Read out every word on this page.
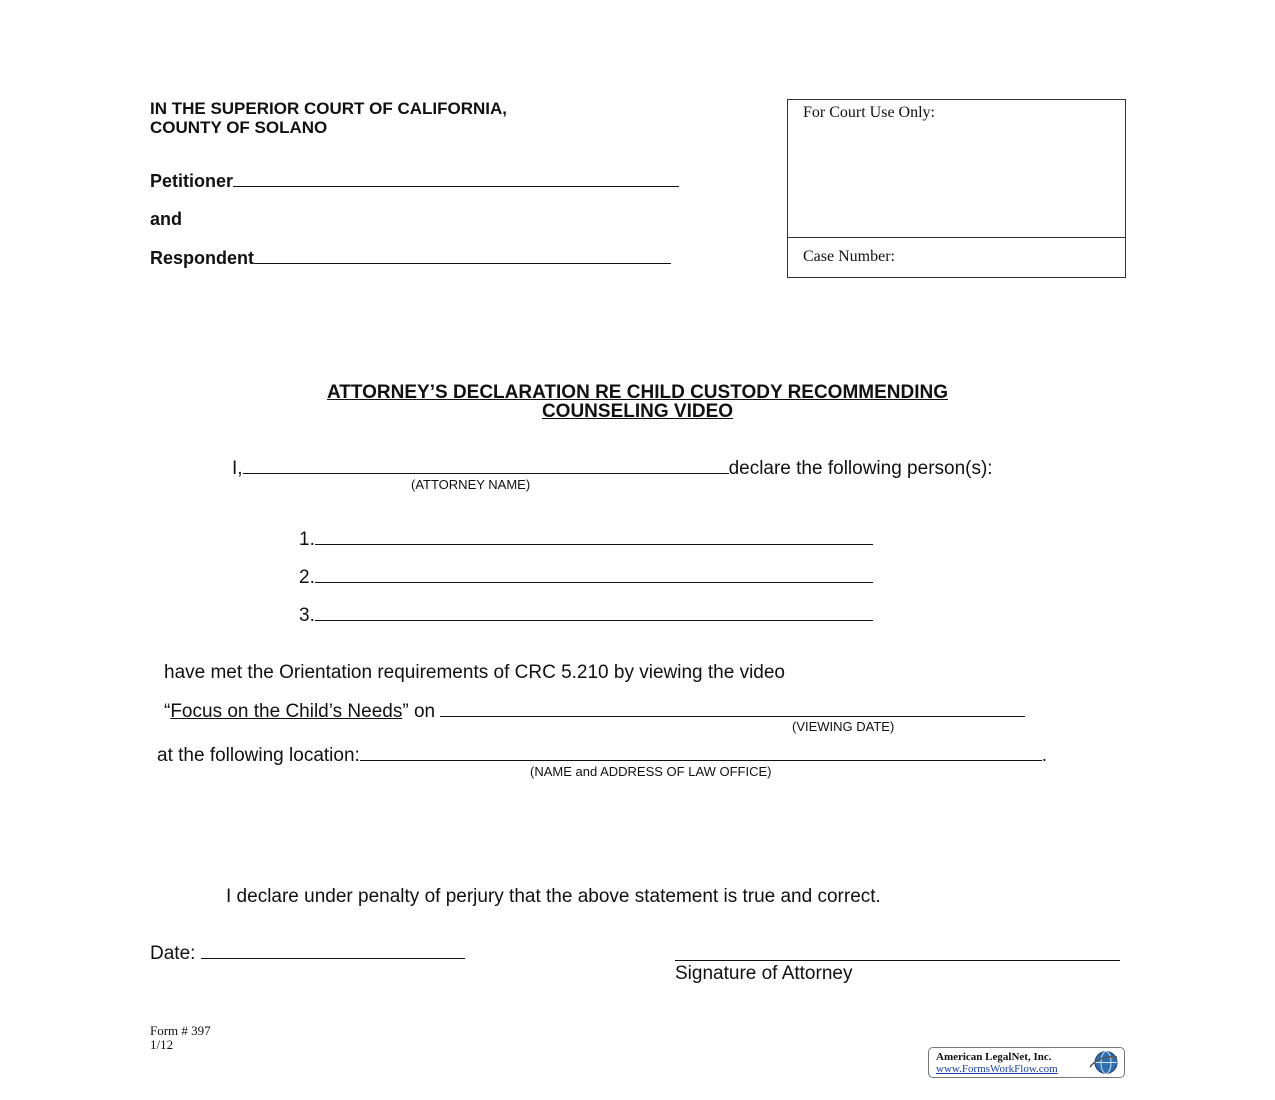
IN THE SUPERIOR COURT OF CALIFORNIA,
COUNTY OF SOLANO
Petitioner
and
Respondent
For Court Use Only:
Case Number:
ATTORNEY’S DECLARATION RE CHILD CUSTODY RECOMMENDING
COUNSELING VIDEO
I,	declare the following person(s):
(ATTORNEY NAME)
1.
2.
3.
have met the Orientation requirements of CRC 5.210 by viewing the video
“Focus on the Child’s Needs” on
(VIEWING DATE)
at the following location:	.
(NAME and ADDRESS OF LAW OFFICE)
I declare under penalty of perjury that the above statement is true and correct.
Date:
Signature of Attorney
Form # 397
1/12
American LegalNet, Inc.
www.FormsWorkFlow.com
